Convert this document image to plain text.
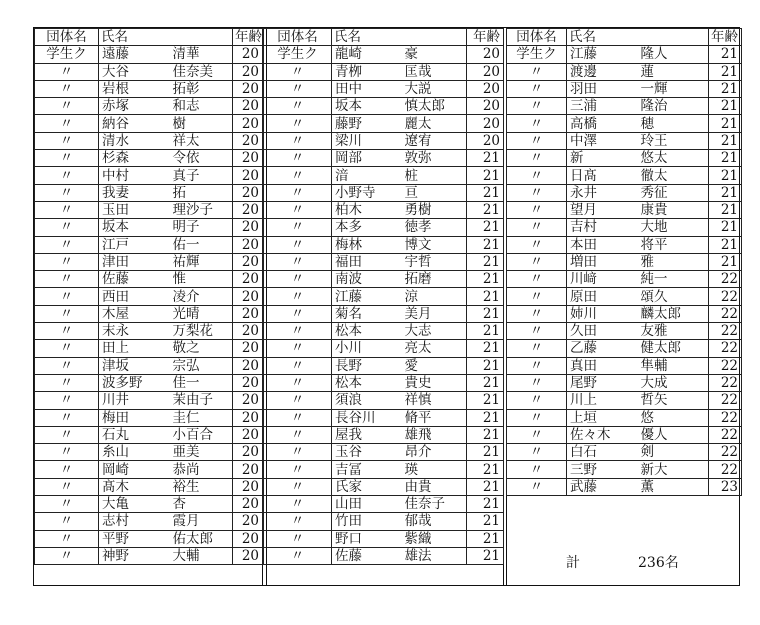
団体名	氏名		年齢
学生ク	遠藤	清華	20
〃	大谷	佳奈美	20
〃	岩根	拓彰	20
〃	赤塚	和志	20
〃	納谷	樹	20
〃	清水	祥太	20
〃	杉森	令依	20
〃	中村	真子	20
〃	我妻	拓	20
〃	玉田	理沙子	20
〃	坂本	明子	20
〃	江戸	佑一	20
〃	津田	祐輝	20
〃	佐藤	惟	20
〃	西田	凌介	20
〃	木屋	光晴	20
〃	末永	万梨花	20
〃	田上	敬之	20
〃	津坂	宗弘	20
〃	波多野	佳一	20
〃	川井	茉由子	20
〃	梅田	圭仁	20
〃	石丸	小百合	20
〃	糸山	亜美	20
〃	岡崎	恭尚	20
〃	髙木	裕生	20
〃	大亀	杏	20
〃	志村	霞月	20
〃	平野	佑太郎	20
〃	神野	大輔	20
団体名	氏名		年齢
学生ク	龍崎	豪	20
〃	青栁	匡哉	20
〃	田中	大説	20
〃	坂本	慎太郎	20
〃	藤野	麗太	20
〃	梁川	遼宥	20
〃	岡部	敦弥	21
〃	湆	桩	21
〃	小野寺	亘	21
〃	柏木	勇樹	21
〃	本多	徳孝	21
〃	梅林	博文	21
〃	福田	宇哲	21
〃	南波	拓磨	21
〃	江藤	涼	21
〃	菊名	美月	21
〃	松本	大志	21
〃	小川	亮太	21
〃	長野	愛	21
〃	松本	貴史	21
〃	須浪	祥慎	21
〃	長谷川	脩平	21
〃	屋我	雄飛	21
〃	玉谷	昂介	21
〃	吉冨	瑛	21
〃	氏家	由貴	21
〃	山田	佳奈子	21
〃	竹田	郁哉	21
〃	野口	紫織	21
〃	佐藤	雄法	21
団体名	氏名		年齢
学生ク	江藤	隆人	21
〃	渡邊	蓮	21
〃	羽田	一輝	21
〃	三浦	隆治	21
〃	高橋	穂	21
〃	中澤	玲王	21
〃	新	悠太	21
〃	日髙	徹太	21
〃	永井	秀征	21
〃	望月	康貴	21
〃	吉村	大地	21
〃	本田	将平	21
〃	増田	雅	21
〃	川﨑	純一	22
〃	原田	頌久	22
〃	姉川	麟太郎	22
〃	久田	友雅	22
〃	乙藤	健太郎	22
〃	真田	隼輔	22
〃	尾野	大成	22
〃	川上	哲矢	22
〃	上垣	悠	22
〃	佐々木	優人	22
〃	白石	剣	22
〃	三野	新大	22
〃	武藤	薫	23
計	236名
